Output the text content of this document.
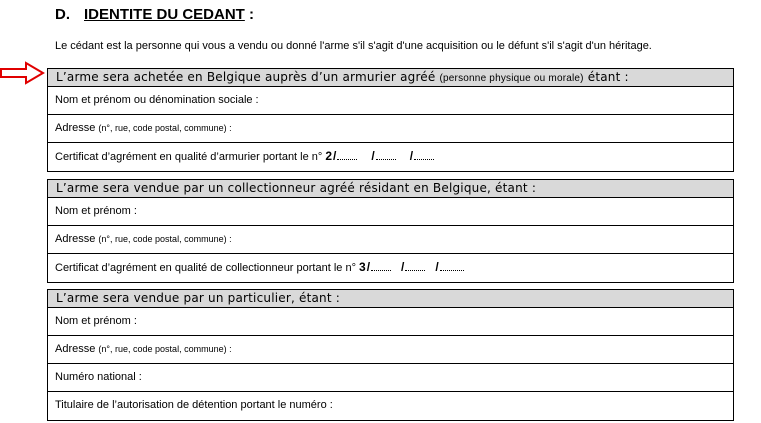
D. IDENTITE DU CEDANT :
Le cédant est la personne qui vous a vendu ou donné l'arme s'il s'agit d'une acquisition ou le défunt s'il s'agit d'un héritage.
L’arme sera achetée en Belgique auprès d’un armurier agréé (personne physique ou morale) étant :
Nom et prénom ou dénomination sociale :
Adresse (n°, rue, code postal, commune) :
Certificat d’agrément en qualité d’armurier portant le n° 2/	/	/
L’arme sera vendue par un collectionneur agréé résidant en Belgique, étant :
Nom et prénom :
Adresse (n°, rue, code postal, commune) :
Certificat d’agrément en qualité de collectionneur portant le n° 3/	/	/
L’arme sera vendue par un particulier, étant :
Nom et prénom :
Adresse (n°, rue, code postal, commune) :
Numéro national :
Titulaire de l’autorisation de détention portant le numéro :
